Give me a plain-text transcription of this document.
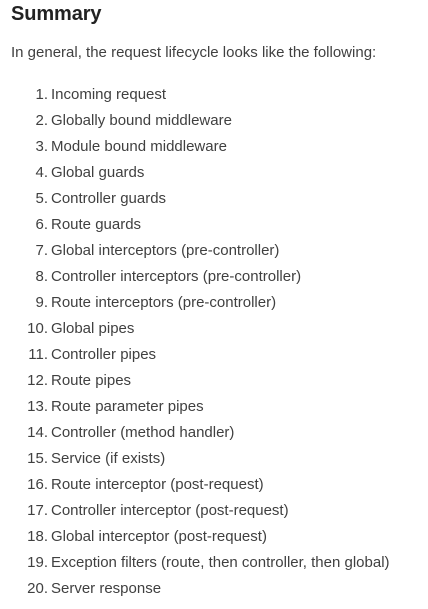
Summary

In general, the request lifecycle looks like the following:

1. Incoming request
2. Globally bound middleware
3. Module bound middleware
4. Global guards
5. Controller guards
6. Route guards
7. Global interceptors (pre-controller)
8. Controller interceptors (pre-controller)
9. Route interceptors (pre-controller)
10. Global pipes
11. Controller pipes
12. Route pipes
13. Route parameter pipes
14. Controller (method handler)
15. Service (if exists)
16. Route interceptor (post-request)
17. Controller interceptor (post-request)
18. Global interceptor (post-request)
19. Exception filters (route, then controller, then global)
20. Server response
